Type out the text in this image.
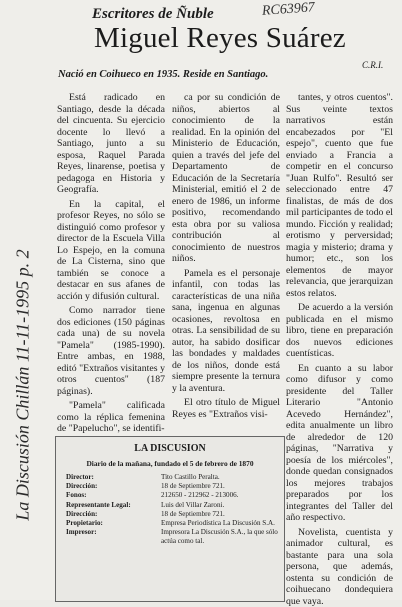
Escritores de Ñuble	RC63967
Miguel Reyes Suárez
C.R.I.
Nació en Coihueco en 1935. Reside en Santiago.
La Discusión Chillán 11-11-1995 p. 2

Está radicado en Santiago, desde la década del cincuenta. Su ejercicio docente lo llevó a Santiago, junto a su esposa, Raquel Parada Reyes, linarense, poetisa y pedagoga en Historia y Geografía.

En la capital, el profesor Reyes, no sólo se distinguió como profesor y director de la Escuela Villa Lo Espejo, en la comuna de La Cisterna, sino que también se conoce a destacar en sus afanes de acción y difusión cultural.

Como narrador tiene dos ediciones (150 páginas cada una) de su novela "Pamela" (1985-1990). Entre ambas, en 1988, editó "Extraños visitantes y otros cuentos" (187 páginas).

"Pamela" calificada como la réplica femenina de "Papelucho", se identifi-

ca por su condición de niños, abiertos al conocimiento de la realidad. En la opinión del Ministerio de Educación, quien a través del jefe del Departamento de Educación de la Secretaría Ministerial, emitió el 2 de enero de 1986, un informe positivo, recomendando esta obra por su valiosa contribución al conocimiento de nuestros niños.

Pamela es el personaje infantil, con todas las características de una niña sana, ingenua en algunas ocasiones, revoltosa en otras. La sensibilidad de su autor, ha sabido dosificar las bondades y maldades de los niños, donde está siempre presente la ternura y la aventura.

El otro título de Miguel Reyes es "Extraños visi-

tantes, y otros cuentos". Sus veinte textos narrativos están encabezados por "El espejo", cuento que fue enviado a Francia a competir en el concurso "Juan Rulfo". Resultó ser seleccionado entre 47 finalistas, de más de dos mil participantes de todo el mundo. Ficción y realidad; erotismo y perversidad; magia y misterio; drama y humor; etc., son los elementos de mayor relevancia, que jerarquizan estos relatos.

De acuerdo a la versión publicada en el mismo libro, tiene en preparación dos nuevos ediciones cuentísticas.

En cuanto a su labor como difusor y como presidente del Taller Literario "Antonio Acevedo Hernández", edita anualmente un libro de alrededor de 120 páginas, "Narrativa y poesía de los miércoles", donde quedan consignados los mejores trabajos preparados por los integrantes del Taller del año respectivo.

Novelista, cuentista y animador cultural, es bastante para una sola persona, que además, ostenta su condición de coihuecano dondequiera que vaya.

LA DISCUSION
Diario de la mañana, fundado el 5 de febrero de 1870
Director:	Tito Castillo Peralta.
Dirección:	18 de Septiembre 721.
Fonos:	212650 - 212962 - 213006.
Representante Legal:	Luis del Villar Zaroni.
Dirección:	18 de Septiembre 721.
Propietario:	Empresa Periodística La Discusión S.A.
Impresor:	Impresora La Discusión S.A., la que sólo actúa como tal.
